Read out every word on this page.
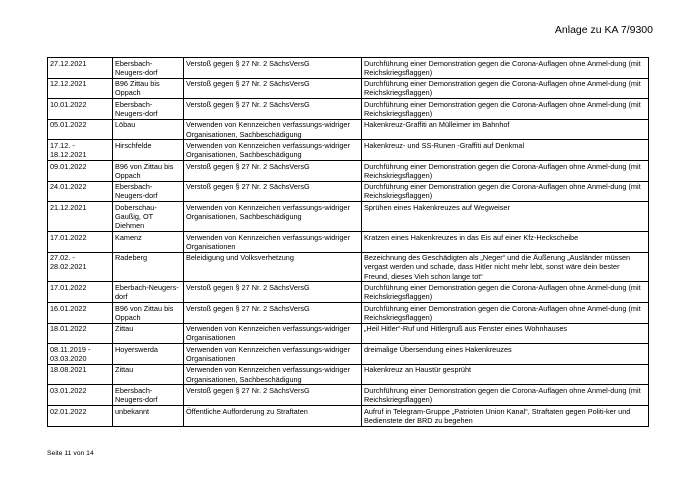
Anlage zu KA 7/9300
27.12.2021	Ebersbach-Neugers-dorf	Verstoß gegen § 27 Nr. 2 SächsVersG	Durchführung einer Demonstration gegen die Corona-Auflagen ohne Anmel-dung (mit Reichskriegsflaggen)
12.12.2021	B96 Zittau bis Oppach	Verstoß gegen § 27 Nr. 2 SächsVersG	Durchführung einer Demonstration gegen die Corona-Auflagen ohne Anmel-dung (mit Reichskriegsflaggen)
10.01.2022	Ebersbach-Neugers-dorf	Verstoß gegen § 27 Nr. 2 SächsVersG	Durchführung einer Demonstration gegen die Corona-Auflagen ohne Anmel-dung (mit Reichskriegsflaggen)
05.01.2022	Löbau	Verwenden von Kennzeichen verfassungs-widriger Organisationen, Sachbeschädigung	Hakenkreuz-Graffiti an Mülleimer im Bahnhof
17.12. - 18.12.2021	Hirschfelde	Verwenden von Kennzeichen verfassungs-widriger Organisationen, Sachbeschädigung	Hakenkreuz- und SS-Runen -Graffiti auf Denkmal
09.01.2022	B96 von Zittau bis Oppach	Verstoß gegen § 27 Nr. 2 SächsVersG	Durchführung einer Demonstration gegen die Corona-Auflagen ohne Anmel-dung (mit Reichskriegsflaggen)
24.01.2022	Ebersbach-Neugers-dorf	Verstoß gegen § 27 Nr. 2 SächsVersG	Durchführung einer Demonstration gegen die Corona-Auflagen ohne Anmel-dung (mit Reichskriegsflaggen)
21.12.2021	Doberschau-Gaußig, OT Diehmen	Verwenden von Kennzeichen verfassungs-widriger Organisationen, Sachbeschädigung	Sprühen eines Hakenkreuzes auf Wegweiser
17.01.2022	Kamenz	Verwenden von Kennzeichen verfassungs-widriger Organisationen	Kratzen eines Hakenkreuzes in das Eis auf einer Kfz-Heckscheibe
27.02. - 28.02.2021	Radeberg	Beleidigung und Volksverhetzung	Bezeichnung des Geschädigten als „Neger“ und die Äußerung „Ausländer müssen vergast werden und schade, dass Hitler nicht mehr lebt, sonst wäre dein bester Freund, dieses Vieh schon lange tot“
17.01.2022	Eberbach-Neugers-dorf	Verstoß gegen § 27 Nr. 2 SächsVersG	Durchführung einer Demonstration gegen die Corona-Auflagen ohne Anmel-dung (mit Reichskriegsflaggen)
16.01.2022	B96 von Zittau bis Oppach	Verstoß gegen § 27 Nr. 2 SächsVersG	Durchführung einer Demonstration gegen die Corona-Auflagen ohne Anmel-dung (mit Reichskriegsflaggen)
18.01.2022	Zittau	Verwenden von Kennzeichen verfassungs-widriger Organisationen	„Heil Hitler“-Ruf und Hitlergruß aus Fenster eines Wohnhauses
08.11.2019 - 03.03.2020	Hoyerswerda	Verwenden von Kennzeichen verfassungs-widriger Organisationen	dreimalige Übersendung eines Hakenkreuzes
18.08.2021	Zittau	Verwenden von Kennzeichen verfassungs-widriger Organisationen, Sachbeschädigung	Hakenkreuz an Haustür gesprüht
03.01.2022	Ebersbach-Neugers-dorf	Verstoß gegen § 27 Nr. 2 SächsVersG	Durchführung einer Demonstration gegen die Corona-Auflagen ohne Anmel-dung (mit Reichskriegsflaggen)
02.01.2022	unbekannt	Öffentliche Aufforderung zu Straftaten	Aufruf in Telegram-Gruppe „Patrioten Union Kanal“, Straftaten gegen Politi-ker und Bedienstete der BRD zu begehen
Seite 11 von 14
